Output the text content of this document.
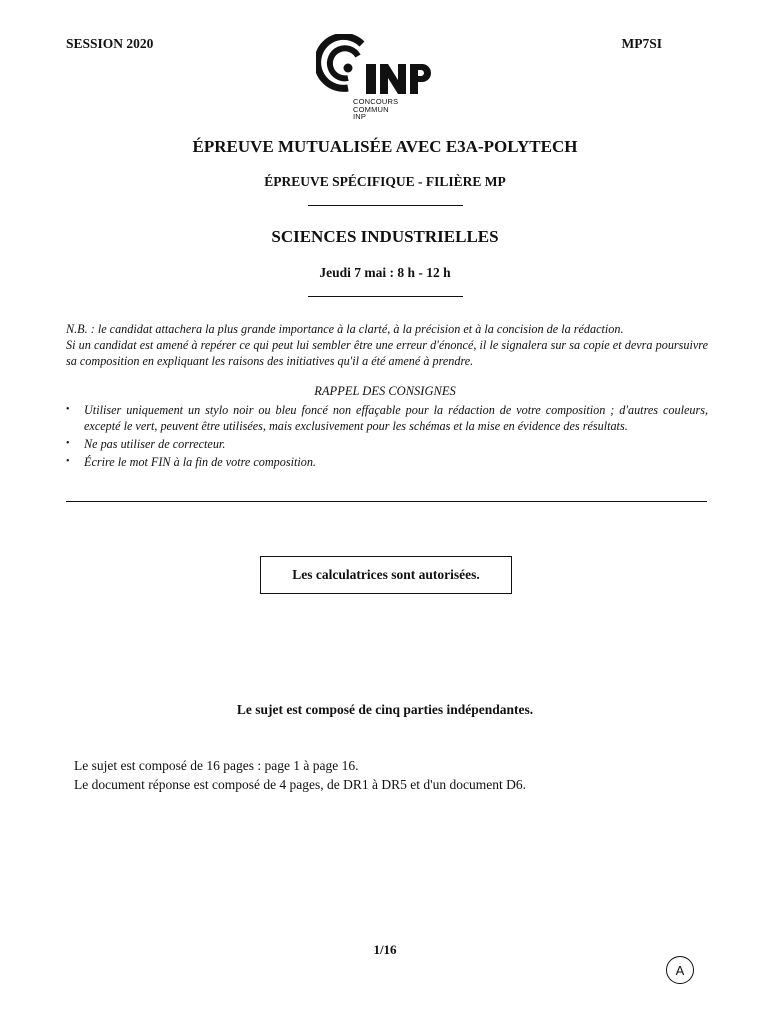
SESSION 2020	MP7SI
CONCOURS
COMMUN
INP
ÉPREUVE MUTUALISÉE AVEC E3A-POLYTECH
ÉPREUVE SPÉCIFIQUE - FILIÈRE MP
SCIENCES INDUSTRIELLES
Jeudi 7 mai : 8 h - 12 h

N.B. : le candidat attachera la plus grande importance à la clarté, à la précision et à la concision de la rédaction.

Si un candidat est amené à repérer ce qui peut lui sembler être une erreur d'énoncé, il le signalera sur sa copie et devra poursuivre sa composition en expliquant les raisons des initiatives qu'il a été amené à prendre.

RAPPEL DES CONSIGNES
• Utiliser uniquement un stylo noir ou bleu foncé non effaçable pour la rédaction de votre composition ; d'autres couleurs, excepté le vert, peuvent être utilisées, mais exclusivement pour les schémas et la mise en évidence des résultats.
• Ne pas utiliser de correcteur.
• Écrire le mot FIN à la fin de votre composition.
Les calculatrices sont autorisées.
Le sujet est composé de cinq parties indépendantes.

Le sujet est composé de 16 pages : page 1 à page 16.

Le document réponse est composé de 4 pages, de DR1 à DR5 et d'un document D6.

1/16
A
